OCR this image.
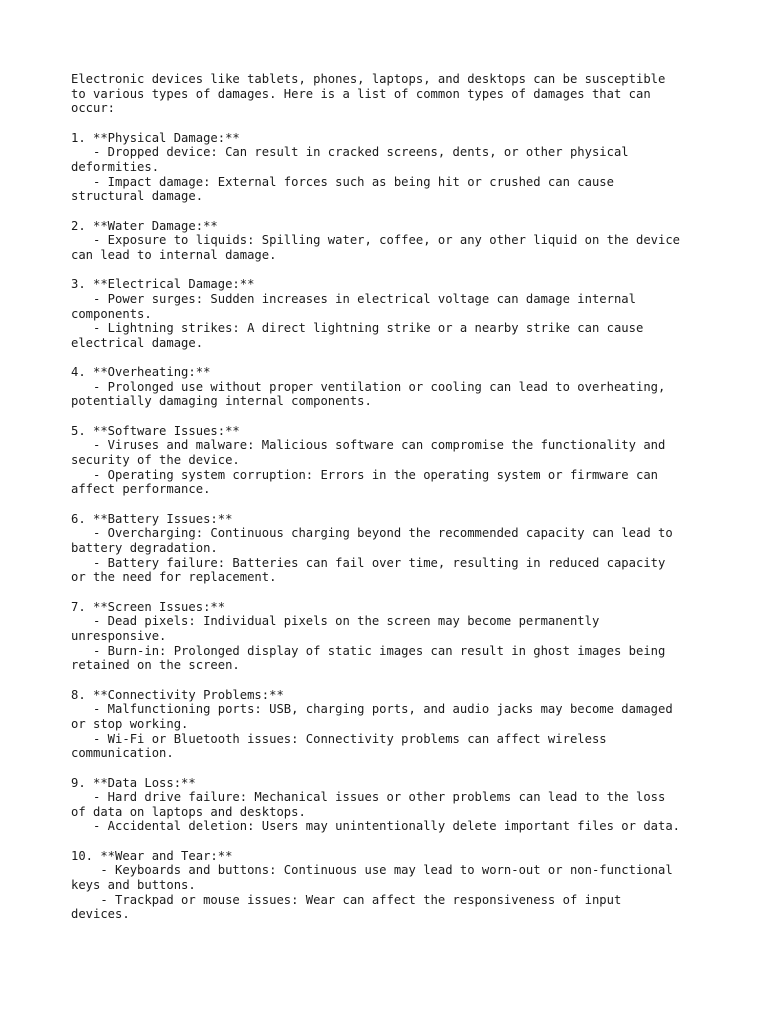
Electronic devices like tablets, phones, laptops, and desktops can be susceptible
to various types of damages. Here is a list of common types of damages that can
occur:

1. **Physical Damage:**
- Dropped device: Can result in cracked screens, dents, or other physical
deformities.
- Impact damage: External forces such as being hit or crushed can cause
structural damage.

2. **Water Damage:**
- Exposure to liquids: Spilling water, coffee, or any other liquid on the device
can lead to internal damage.

3. **Electrical Damage:**
- Power surges: Sudden increases in electrical voltage can damage internal
components.
- Lightning strikes: A direct lightning strike or a nearby strike can cause
electrical damage.

4. **Overheating:**
- Prolonged use without proper ventilation or cooling can lead to overheating,
potentially damaging internal components.

5. **Software Issues:**
- Viruses and malware: Malicious software can compromise the functionality and
security of the device.
- Operating system corruption: Errors in the operating system or firmware can
affect performance.

6. **Battery Issues:**
- Overcharging: Continuous charging beyond the recommended capacity can lead to
battery degradation.
- Battery failure: Batteries can fail over time, resulting in reduced capacity
or the need for replacement.

7. **Screen Issues:**
- Dead pixels: Individual pixels on the screen may become permanently
unresponsive.
- Burn-in: Prolonged display of static images can result in ghost images being
retained on the screen.

8. **Connectivity Problems:**
- Malfunctioning ports: USB, charging ports, and audio jacks may become damaged
or stop working.
- Wi-Fi or Bluetooth issues: Connectivity problems can affect wireless
communication.

9. **Data Loss:**
- Hard drive failure: Mechanical issues or other problems can lead to the loss
of data on laptops and desktops.
- Accidental deletion: Users may unintentionally delete important files or data.

10. **Wear and Tear:**
- Keyboards and buttons: Continuous use may lead to worn-out or non-functional
keys and buttons.
- Trackpad or mouse issues: Wear can affect the responsiveness of input
devices.
